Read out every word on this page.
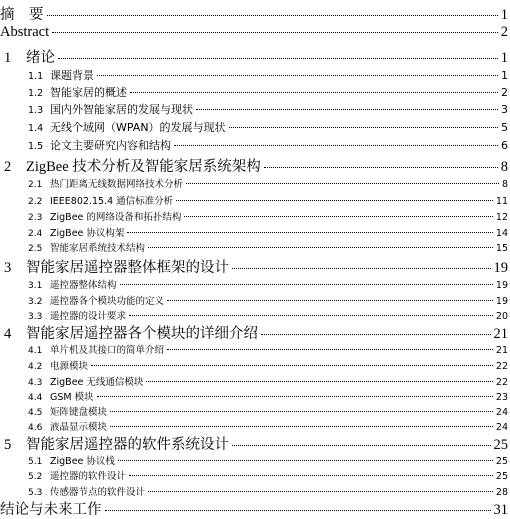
摘　要	1
Abstract	2
1	绪论	1
1.1 课题背景	1
1.2 智能家居的概述	2
1.3 国内外智能家居的发展与现状	3
1.4 无线个域网（WPAN）的发展与现状	5
1.5 论文主要研究内容和结构	6
2	ZigBee 技术分析及智能家居系统架构	8
2.1 热门距离无线数据网络技术分析	8
2.2 IEEE802.15.4 通信标准分析	11
2.3 ZigBee 的网络设备和拓扑结构	12
2.4 ZigBee 协议构架	14
2.5 智能家居系统技术结构	15
3	智能家居遥控器整体框架的设计	19
3.1 遥控器整体结构	19
3.2 遥控器各个模块功能的定义	19
3.3 遥控器的设计要求	20
4	智能家居遥控器各个模块的详细介绍	21
4.1 单片机及其接口的简单介绍	21
4.2 电源模块	22
4.3 ZigBee 无线通信模块	22
4.4 GSM 模块	23
4.5 矩阵键盘模块	24
4.6 液晶显示模块	24
5	智能家居遥控器的软件系统设计	25
5.1 ZigBee 协议栈	25
5.2 遥控器的软件设计	25
5.3 传感器节点的软件设计	28
结论与未来工作	31
